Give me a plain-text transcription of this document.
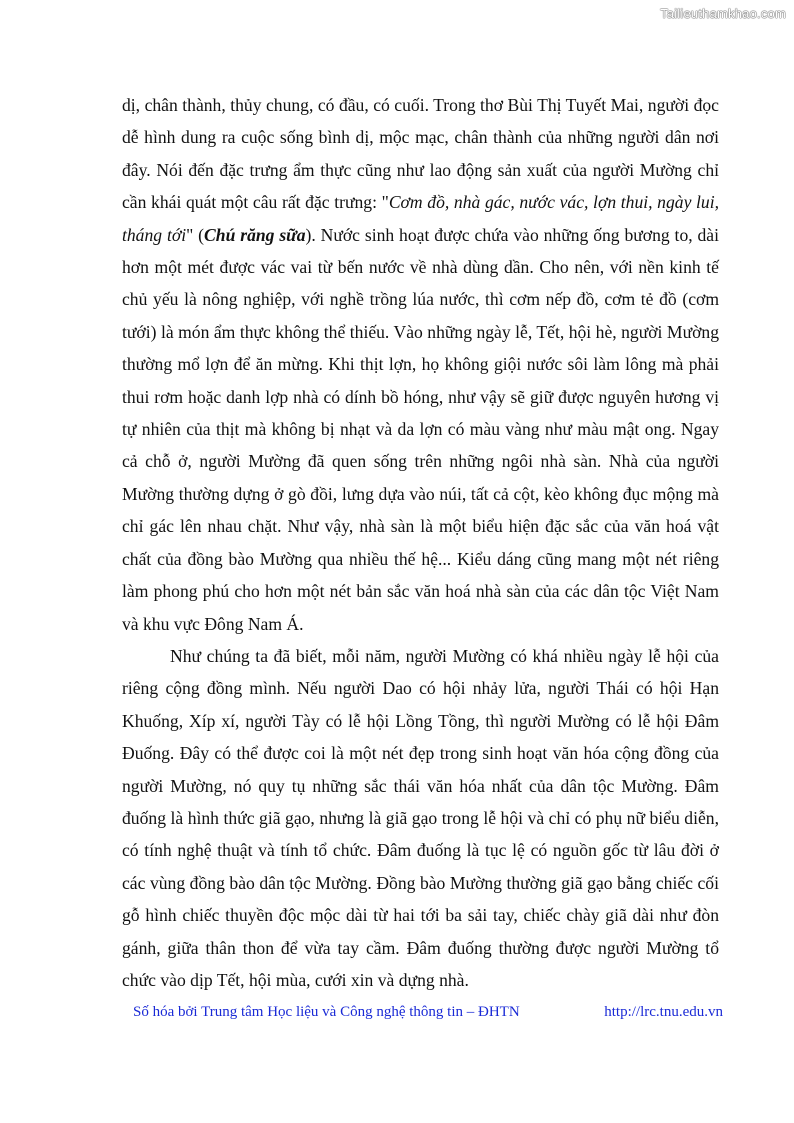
Tailieuthamkhao.com

dị, chân thành, thủy chung, có đầu, có cuối. Trong thơ Bùi Thị Tuyết Mai, người đọc dễ hình dung ra cuộc sống bình dị, mộc mạc, chân thành của những người dân nơi đây. Nói đến đặc trưng ẩm thực cũng như lao động sản xuất của người Mường chỉ cần khái quát một câu rất đặc trưng: "Cơm đồ, nhà gác, nước vác, lợn thui, ngày lui, tháng tới" (Chú răng sữa). Nước sinh hoạt được chứa vào những ống bương to, dài hơn một mét được vác vai từ bến nước về nhà dùng dần. Cho nên, với nền kinh tế chủ yếu là nông nghiệp, với nghề trồng lúa nước, thì cơm nếp đồ, cơm tẻ đồ (cơm tưới) là món ẩm thực không thể thiếu. Vào những ngày lễ, Tết, hội hè, người Mường thường mổ lợn để ăn mừng. Khi thịt lợn, họ không giội nước sôi làm lông mà phải thui rơm hoặc danh lợp nhà có dính bồ hóng, như vậy sẽ giữ được nguyên hương vị tự nhiên của thịt mà không bị nhạt và da lợn có màu vàng như màu mật ong. Ngay cả chỗ ở, người Mường đã quen sống trên những ngôi nhà sàn. Nhà của người Mường thường dựng ở gò đồi, lưng dựa vào núi, tất cả cột, kèo không đục mộng mà chỉ gác lên nhau chặt. Như vậy, nhà sàn là một biểu hiện đặc sắc của văn hoá vật chất của đồng bào Mường qua nhiều thế hệ... Kiểu dáng cũng mang một nét riêng làm phong phú cho hơn một nét bản sắc văn hoá nhà sàn của các dân tộc Việt Nam và khu vực Đông Nam Á.

Như chúng ta đã biết, mỗi năm, người Mường có khá nhiều ngày lễ hội của riêng cộng đồng mình. Nếu người Dao có hội nhảy lửa, người Thái có hội Hạn Khuống, Xíp xí, người Tày có lễ hội Lồng Tồng, thì người Mường có lễ hội Đâm Đuống. Đây có thể được coi là một nét đẹp trong sinh hoạt văn hóa cộng đồng của người Mường, nó quy tụ những sắc thái văn hóa nhất của dân tộc Mường. Đâm đuống là hình thức giã gạo, nhưng là giã gạo trong lễ hội và chỉ có phụ nữ biểu diễn, có tính nghệ thuật và tính tổ chức. Đâm đuống là tục lệ có nguồn gốc từ lâu đời ở các vùng đồng bào dân tộc Mường. Đồng bào Mường thường giã gạo bằng chiếc cối gỗ hình chiếc thuyền độc mộc dài từ hai tới ba sải tay, chiếc chày giã dài như đòn gánh, giữa thân thon để vừa tay cầm. Đâm đuống thường được người Mường tổ chức vào dịp Tết, hội mùa, cưới xin và dựng nhà.

Số hóa bởi Trung tâm Học liệu và Công nghệ thông tin – ĐHTN	http://lrc.tnu.edu.vn
